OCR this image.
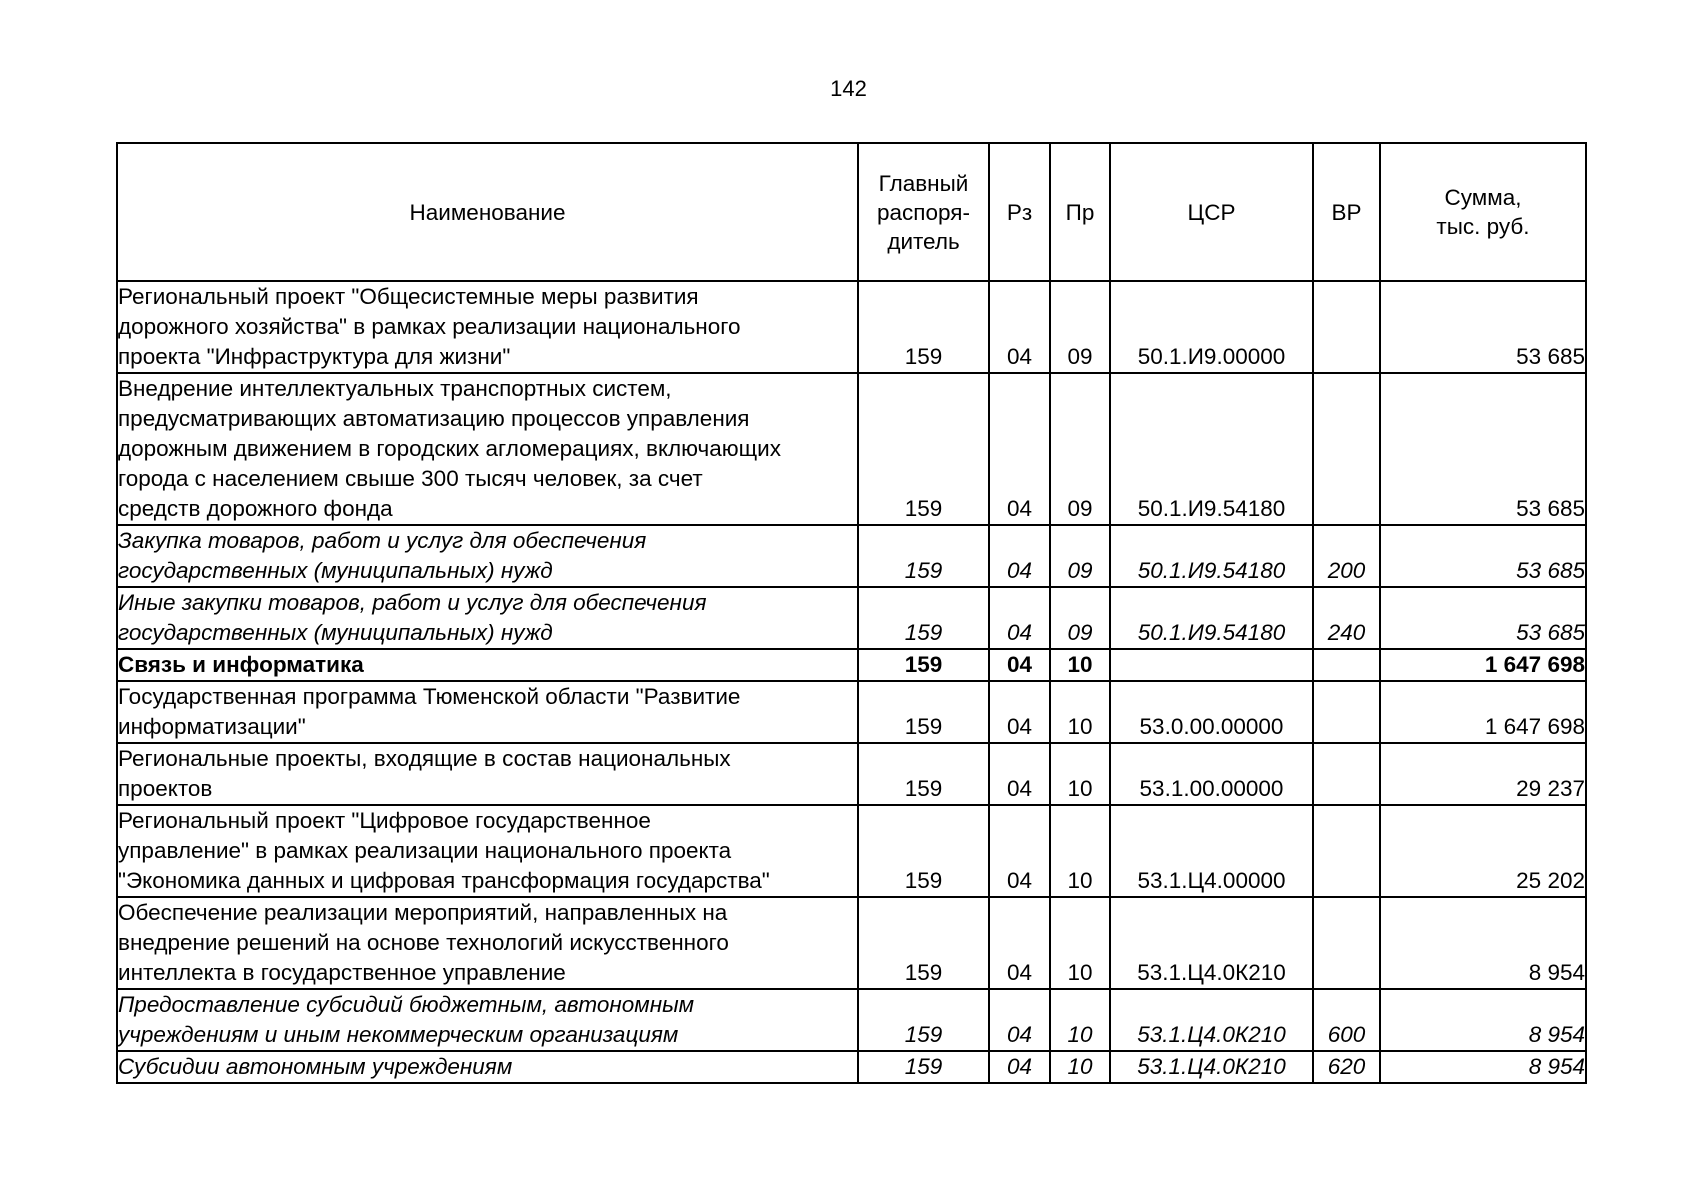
142
Наименование	Главный
распоря-
дитель	Рз	Пр	ЦСР	ВР	Сумма,
тыс. руб.
Региональный проект "Общесистемные меры развития
дорожного хозяйства" в рамках реализации национального
проекта "Инфраструктура для жизни"	159	04	09	50.1.И9.00000		53 685
Внедрение интеллектуальных транспортных систем,
предусматривающих автоматизацию процессов управления
дорожным движением в городских агломерациях, включающих
города с населением свыше 300 тысяч человек, за счет
средств дорожного фонда	159	04	09	50.1.И9.54180		53 685
Закупка товаров, работ и услуг для обеспечения
государственных (муниципальных) нужд	159	04	09	50.1.И9.54180	200	53 685
Иные закупки товаров, работ и услуг для обеспечения
государственных (муниципальных) нужд	159	04	09	50.1.И9.54180	240	53 685
Связь и информатика	159	04	10			1 647 698
Государственная программа Тюменской области "Развитие
информатизации"	159	04	10	53.0.00.00000		1 647 698
Региональные проекты, входящие в состав национальных
проектов	159	04	10	53.1.00.00000		29 237
Региональный проект "Цифровое государственное
управление" в рамках реализации национального проекта
"Экономика данных и цифровая трансформация государства"	159	04	10	53.1.Ц4.00000		25 202
Обеспечение реализации мероприятий, направленных на
внедрение решений на основе технологий искусственного
интеллекта в государственное управление	159	04	10	53.1.Ц4.0К210		8 954
Предоставление субсидий бюджетным, автономным
учреждениям и иным некоммерческим организациям	159	04	10	53.1.Ц4.0К210	600	8 954
Субсидии автономным учреждениям	159	04	10	53.1.Ц4.0К210	620	8 954
